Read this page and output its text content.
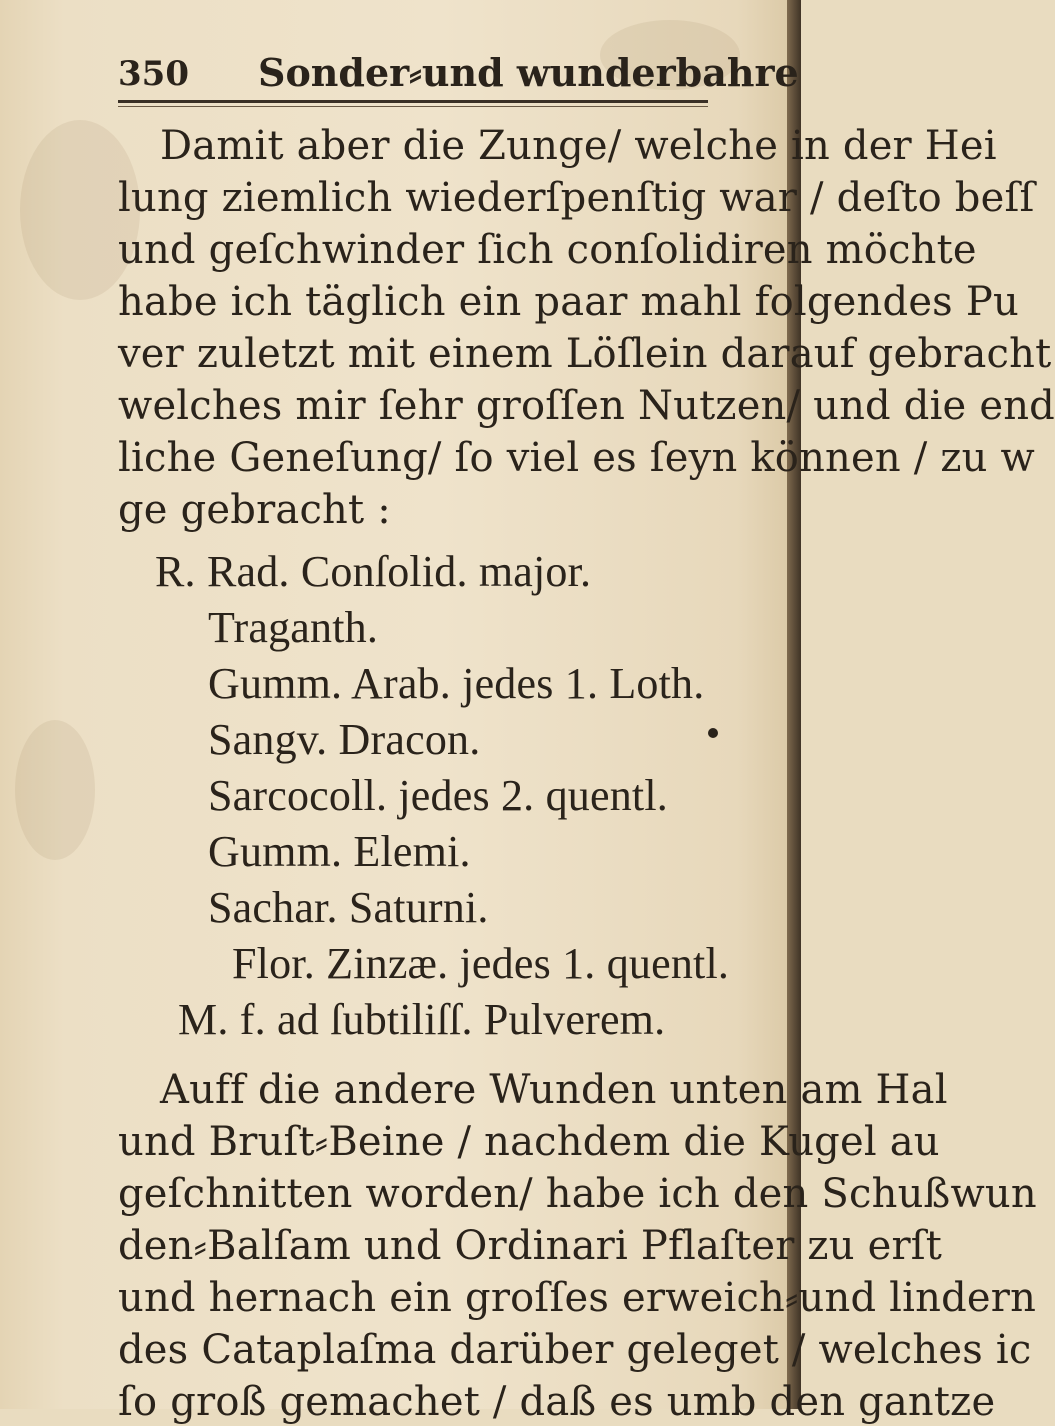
350 Sonder⸗und wunderbahre
Damit aber die Zunge/ welche in der Hei
lung ziemlich wiederſpenſtig war / deſto beſſ
und geſchwinder ſich conſolidiren möchte
habe ich täglich ein paar mahl folgendes Pu
ver zuletzt mit einem Löſlein darauf gebracht
welches mir ſehr groſſen Nutzen/ und die end
liche Geneſung/ ſo viel es ſeyn können / zu w
ge gebracht :
R. Rad. Conſolid. major.
Traganth.
Gumm. Arab. jedes 1. Loth.
Sangv. Dracon.
Sarcocoll. jedes 2. quentl.
Gumm. Elemi.
Sachar. Saturni.
Flor. Zinzæ. jedes 1. quentl.
M. f. ad ſubtiliſſ. Pulverem.
Auff die andere Wunden unten am Hal
und Bruſt⸗Beine / nachdem die Kugel au
geſchnitten worden/ habe ich den Schußwun
den⸗Balſam und Ordinari Pflaſter zu erſt
und hernach ein groſſes erweich⸗und lindern
des Cataplaſma darüber geleget / welches ic
ſo groß gemachet / daß es umb den gantze
